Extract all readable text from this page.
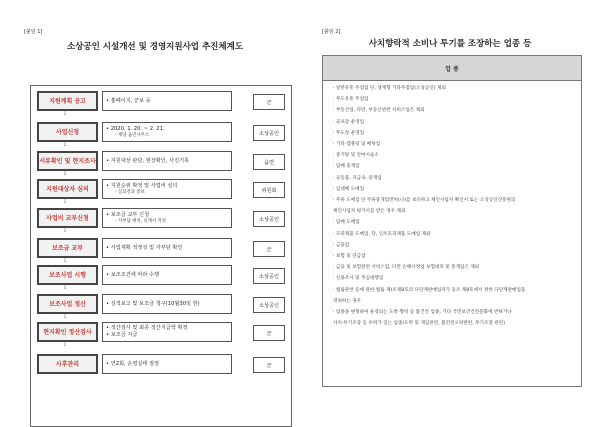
[붙임 1]
소상공인 시설개선 및 경영지원사업 추진체계도
지원계획 공고	• 홈페이지, 군보 등	군
⇩
사업신청	• 2020. 1. 20. ~ 2. 21.
- 제당 읍면사무소	소상공인
⇩
서류확인 및 현지조사 • 지원대상 판단, 현장확인, 사진기록	읍면
⇩
지원대상자 심의	• 지원순위 확정 및 사업비 심의
- 심의결과 통보	위원회
⇩
사업비 교부신청	• 보조금 교부 신청
- 자부담 예치, 실계서 작성	소상공인
⇩
보조금 교부	• 사업계획 적정성 및 자부담 확인	군
⇩
보조사업 시행	• 보조조건에 따라 수행	소상공인
⇩
보조사업 정산	• 실적보고 및 보조금 청구(10월30일 한)	소상공인
⇩
현지확인 정산검사
• 정산검사 및 최종 정산지급액 확정
• 보조금 지급	군
⇩
사후관리	• 연2회, 운영실태 점검	군
[붙임 2]
사치향락적 소비나 투기를 조장하는 업종 등
업 종
· 일반유흥 주점업 단, 생계형 기타주점업(소상공인) 제외
· 무도유흥 주점업
· 부동산업, 다만, 부동산관련 서비스업은 제외
· 골프장 운영업
· 무도장 운영업
· 기타 갬블링 및 베팅업
· 증기탕 및 안마시술소
· 담배 중개업
· 골동품, 귀금속, 중개업
· 임대배 도매업
· 주류 도매업 단 주류중개업면허(나)를 보유하고 제인사업자 확인서 또는 소상공인진흥원의
제인사업자 평가서를 받은 경우 제외
· 담배 도매업
· 모피제품 도매업, 단, 인조모피제품 도매업 제외
· 금융업
· 보험 및 연금업
· 금융 및 보험관련 서비스업, 다만 손해사정업 보험대리 및 중개업은 제외
· 신용조사 및 추심대행업
· 법률관련 등에 관한 법률 제(조제8호의 다단계판매업자가 동조 제8호에서 정한 다단계판매업을
영위하는 경우
· 업종을 변형하여 운영되는 도박·향락 등 불건전 업종, 기타 국민보건건전문화에 반하거나
사치·투기조장 등 우려가 있는 업종(도박 및 게임관련, 불건전오락관련, 투기조장 관련)
